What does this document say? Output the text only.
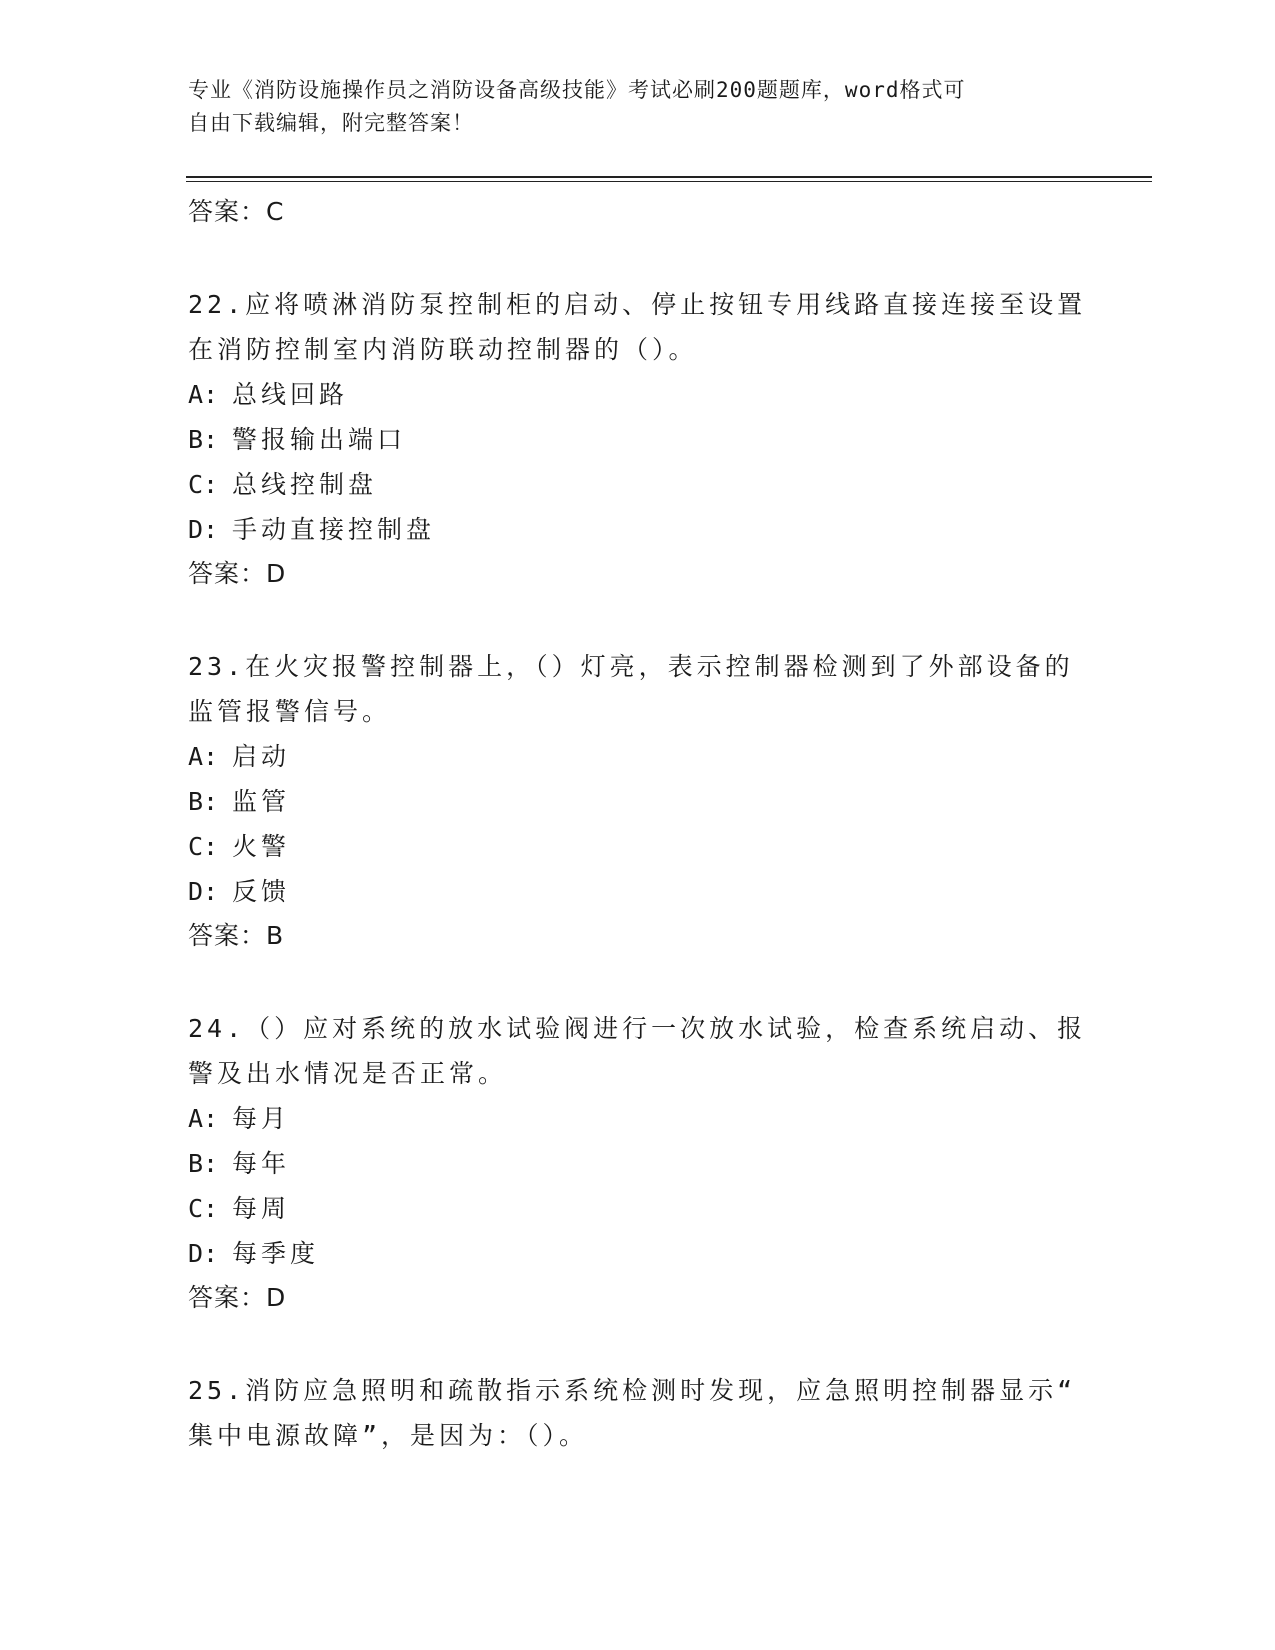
专业《消防设施操作员之消防设备高级技能》考试必刷200题题库，word格式可
自由下载编辑，附完整答案！
答案：C
22.应将喷淋消防泵控制柜的启动、停止按钮专用线路直接连接至设置
在消防控制室内消防联动控制器的（）。
A: 总线回路
B: 警报输出端口
C: 总线控制盘
D: 手动直接控制盘
答案：D
23.在火灾报警控制器上，（）灯亮，表示控制器检测到了外部设备的
监管报警信号。
A: 启动
B: 监管
C: 火警
D: 反馈
答案：B
24.（）应对系统的放水试验阀进行一次放水试验，检查系统启动、报
警及出水情况是否正常。
A: 每月
B: 每年
C: 每周
D: 每季度
答案：D
25.消防应急照明和疏散指示系统检测时发现，应急照明控制器显示“
集中电源故障”，是因为：（）。
